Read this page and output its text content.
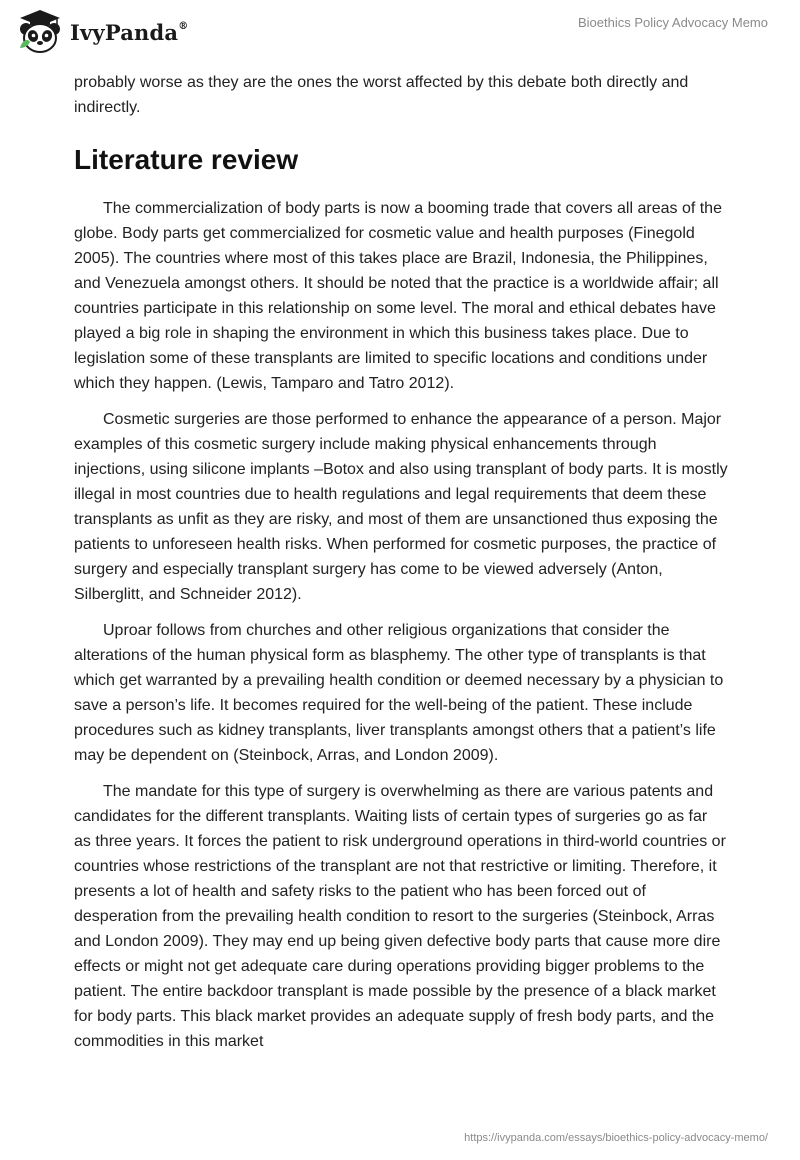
IvyPanda®	Bioethics Policy Advocacy Memo

probably worse as they are the ones the worst affected by this debate both directly and indirectly.

Literature review

The commercialization of body parts is now a booming trade that covers all areas of the globe. Body parts get commercialized for cosmetic value and health purposes (Finegold 2005). The countries where most of this takes place are Brazil, Indonesia, the Philippines, and Venezuela amongst others. It should be noted that the practice is a worldwide affair; all countries participate in this relationship on some level. The moral and ethical debates have played a big role in shaping the environment in which this business takes place. Due to legislation some of these transplants are limited to specific locations and conditions under which they happen. (Lewis, Tamparo and Tatro 2012).

Cosmetic surgeries are those performed to enhance the appearance of a person. Major examples of this cosmetic surgery include making physical enhancements through injections, using silicone implants –Botox and also using transplant of body parts. It is mostly illegal in most countries due to health regulations and legal requirements that deem these transplants as unfit as they are risky, and most of them are unsanctioned thus exposing the patients to unforeseen health risks. When performed for cosmetic purposes, the practice of surgery and especially transplant surgery has come to be viewed adversely (Anton, Silberglitt, and Schneider 2012).

Uproar follows from churches and other religious organizations that consider the alterations of the human physical form as blasphemy. The other type of transplants is that which get warranted by a prevailing health condition or deemed necessary by a physician to save a person’s life. It becomes required for the well-being of the patient. These include procedures such as kidney transplants, liver transplants amongst others that a patient’s life may be dependent on (Steinbock, Arras, and London 2009).

The mandate for this type of surgery is overwhelming as there are various patents and candidates for the different transplants. Waiting lists of certain types of surgeries go as far as three years. It forces the patient to risk underground operations in third-world countries or countries whose restrictions of the transplant are not that restrictive or limiting. Therefore, it presents a lot of health and safety risks to the patient who has been forced out of desperation from the prevailing health condition to resort to the surgeries (Steinbock, Arras and London 2009). They may end up being given defective body parts that cause more dire effects or might not get adequate care during operations providing bigger problems to the patient. The entire backdoor transplant is made possible by the presence of a black market for body parts. This black market provides an adequate supply of fresh body parts, and the commodities in this market

https://ivypanda.com/essays/bioethics-policy-advocacy-memo/
